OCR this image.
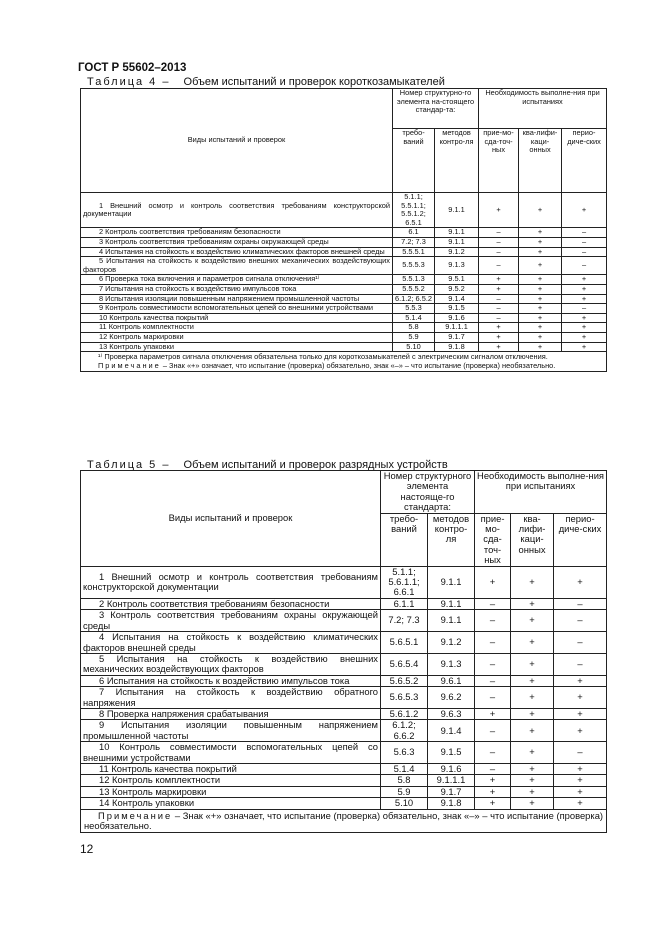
ГОСТ Р 55602–2013
Таблица 4 – Объем испытаний и проверок короткозамыкателей
Виды испытаний и проверок	Номер структурно-го элемента на-стоящего стандар-та:		Необходимость выполне-ния при испытаниях		
	требо-ваний	методов контро-ля	прие-мо-сда-точ-ных	ква-лифи-каци-онных	перио-диче-ских

1 Внешний осмотр и контроль соответствия требованиям конструкторской документации	5.1.1; 5.5.1.1; 5.5.1.2; 6.5.1	9.1.1	+	+	+

2 Контроль соответствия требованиям безопасности	6.1	9.1.1	–	+	–

3 Контроль соответствия требованиям охраны окружающей среды	7.2; 7.3	9.1.1	–	+	–

4 Испытания на стойкость к воздействию климатических факторов внешней среды	5.5.5.1	9.1.2	–	+	–

5 Испытания на стойкость к воздействию внешних механических воздействующих факторов	5.5.5.3	9.1.3	–	+	–

6 Проверка тока включения и параметров сигнала отключения¹⁾	5.5.1.3	9.5.1	+	+	+

7 Испытания на стойкость к воздействию импульсов тока	5.5.5.2	9.5.2	+	+	+

8 Испытания изоляции повышенным напряжением промышленной частоты	6.1.2; 6.5.2	9.1.4	–	+	+

9 Контроль совместимости вспомогательных цепей со внешними устройствами	5.5.3	9.1.5	–	+	–

10 Контроль качества покрытий	5.1.4	9.1.6	–	+	+

11 Контроль комплектности	5.8	9.1.1.1	+	+	+

12 Контроль маркировки	5.9	9.1.7	+	+	+

13 Контроль упаковки	5.10	9.1.8	+	+	+

¹⁾ Проверка параметров сигнала отключения обязательна только для короткозамыкателей с электрическим сигналом отключения.
Примечание – Знак «+» означает, что испытание (проверка) обязательно, знак «–» – что испытание (проверка) необязательно.					
Таблица 5 – Объем испытаний и проверок разрядных устройств
Виды испытаний и проверок	Номер структурного элемента настояще-го стандарта:		Необходимость выполне-ния при испытаниях		
	требо-ваний	методов контро-ля	прие-мо-сда-точ-ных	ква-лифи-каци-онных	перио-диче-ских

1 Внешний осмотр и контроль соответствия требованиям конструкторской документации	5.1.1; 5.6.1.1; 6.6.1	9.1.1	+	+	+

2 Контроль соответствия требованиям безопасности	6.1.1	9.1.1	–	+	–

3 Контроль соответствия требованиям охраны окружающей среды	7.2; 7.3	9.1.1	–	+	–

4 Испытания на стойкость к воздействию климатических факторов внешней среды	5.6.5.1	9.1.2	–	+	–

5 Испытания на стойкость к воздействию внешних механических воздействующих факторов	5.6.5.4	9.1.3	–	+	–

6 Испытания на стойкость к воздействию импульсов тока	5.6.5.2	9.6.1	–	+	+

7 Испытания на стойкость к воздействию обратного напряжения	5.6.5.3	9.6.2	–	+	+

8 Проверка напряжения срабатывания	5.6.1.2	9.6.3	+	+	+

9 Испытания изоляции повышенным напряжением промышленной частоты	6.1.2; 6.6.2	9.1.4	–	+	+

10 Контроль совместимости вспомогательных цепей со внешними устройствами	5.6.3	9.1.5	–	+	–

11 Контроль качества покрытий	5.1.4	9.1.6	–	+	+

12 Контроль комплектности	5.8	9.1.1.1	+	+	+

13 Контроль маркировки	5.9	9.1.7	+	+	+

14 Контроль упаковки	5.10	9.1.8	+	+	+

Примечание – Знак «+» означает, что испытание (проверка) обязательно, знак «–» – что испытание (проверка) необязательно.					
12
